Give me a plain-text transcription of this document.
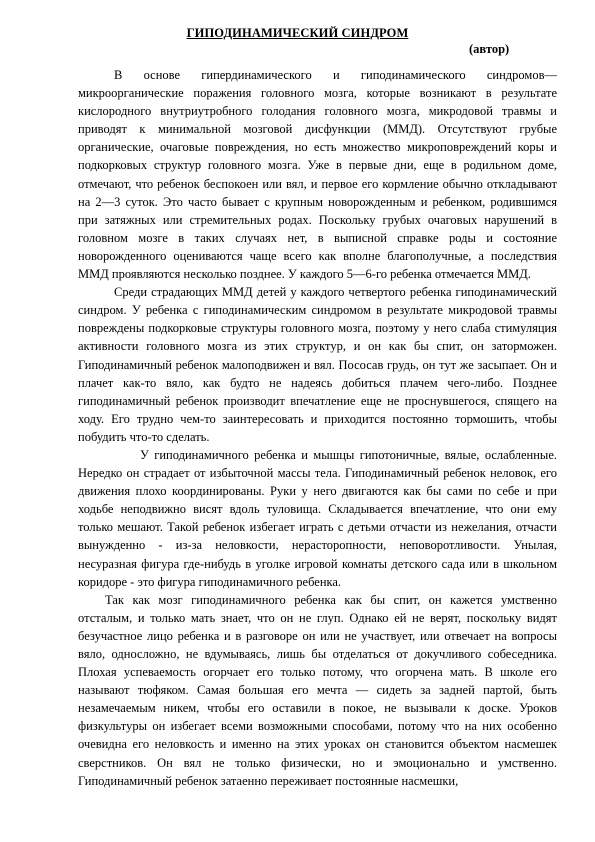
ГИПОДИНАМИЧЕСКИЙ СИНДРОМ
(автор)

В основе гипердинамического и гиподинамического синдромов— микроорганические поражения головного мозга, которые возникают в результате кислородного внутриутробного голодания головного мозга, микродовой травмы и приводят к минимальной мозговой дисфункции (ММД). Отсутствуют грубые органические, очаговые повреждения, но есть множество микроповреждений коры и подкорковых структур головного мозга. Уже в первые дни, еще в родильном доме, отмечают, что ребенок беспокоен или вял, и первое его кормление обычно откладывают на 2—3 суток. Это часто бывает с крупным новорожденным и ребенком, родившимся при затяжных или стремительных родах. Поскольку грубых очаговых нарушений в головном мозге в таких случаях нет, в выписной справке роды и состояние новорожденного оцениваются чаще всего как вполне благополучные, а последствия ММД проявляются несколько позднее. У каждого 5—6-го ребенка отмечается ММД.

Среди страдающих ММД детей у каждого четвертого ребенка гиподинамический синдром. У ребенка с гиподинамическим синдромом в результате микродовой травмы повреждены подкорковые структуры головного мозга, поэтому у него слаба стимуляция активности головного мозга из этих структур, и он как бы спит, он заторможен. Гиподинамичный ребенок малоподвижен и вял. Пососав грудь, он тут же засыпает. Он и плачет как-то вяло, как будто не надеясь добиться плачем чего-либо. Позднее гиподинамичный ребенок производит впечатление еще не проснувшегося, спящего на ходу. Его трудно чем-то заинтересовать и приходится постоянно тормошить, чтобы побудить что-то сделать.

У гиподинамичного ребенка и мышцы гипотоничные, вялые, ослабленные. Нередко он страдает от избыточной массы тела. Гиподинамичный ребенок неловок, его движения плохо координированы. Руки у него двигаются как бы сами по себе и при ходьбе неподвижно висят вдоль туловища. Складывается впечатление, что они ему только мешают. Такой ребенок избегает играть с детьми отчасти из нежелания, отчасти вынужденно - из-за неловкости, нерасторопности, неповоротливости. Унылая, несуразная фигура где-нибудь в уголке игровой комнаты детского сада или в школьном коридоре - это фигура гиподинамичного ребенка.

Так как мозг гиподинамичного ребенка как бы спит, он кажется умственно отсталым, и только мать знает, что он не глуп. Однако ей не верят, поскольку видят безучастное лицо ребенка и в разговоре он или не участвует, или отвечает на вопросы вяло, односложно, не вдумываясь, лишь бы отделаться от докучливого собеседника. Плохая успеваемость огорчает его только потому, что огорчена мать. В школе его называют тюфяком. Самая большая его мечта — сидеть за задней партой, быть незамечаемым никем, чтобы его оставили в покое, не вызывали к доске. Уроков физкультуры он избегает всеми возможными способами, потому что на них особенно очевидна его неловкость и именно на этих уроках он становится объектом насмешек сверстников. Он вял не только физически, но и эмоционально и умственно. Гиподинамичный ребенок затаенно переживает постоянные насмешки,
